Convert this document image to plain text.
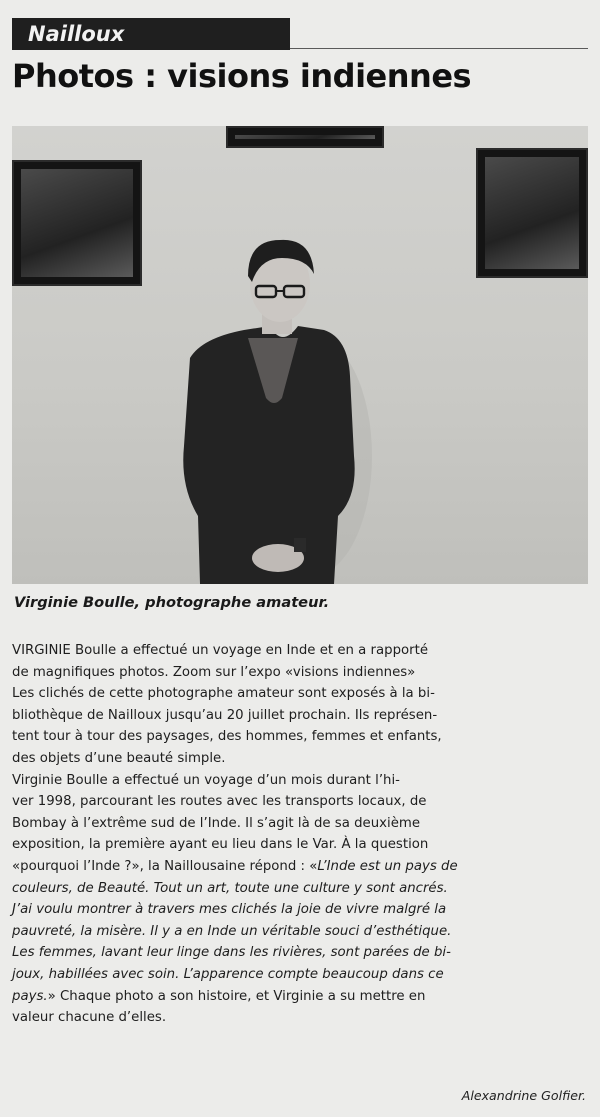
Nailloux
Photos : visions indiennes
Virginie Boulle, photographe amateur.
VIRGINIE Boulle a effectué un voyage en Inde et en a rapporté
de magnifiques photos. Zoom sur l’expo «visions indiennes»
Les clichés de cette photographe amateur sont exposés à la bi-
bliothèque de Nailloux jusqu’au 20 juillet prochain. Ils représen-
tent tour à tour des paysages, des hommes, femmes et enfants,
des objets d’une beauté simple.
Virginie Boulle a effectué un voyage d’un mois durant l’hi-
ver 1998, parcourant les routes avec les transports locaux, de
Bombay à l’extrême sud de l’Inde. Il s’agit là de sa deuxième
exposition, la première ayant eu lieu dans le Var. À la question
«pourquoi l’Inde ?», la Naillousaine répond : «L’Inde est un pays de
couleurs, de Beauté. Tout un art, toute une culture y sont ancrés.
J’ai voulu montrer à travers mes clichés la joie de vivre malgré la
pauvreté, la misère. Il y a en Inde un véritable souci d’esthétique.
Les femmes, lavant leur linge dans les rivières, sont parées de bi-
joux, habillées avec soin. L’apparence compte beaucoup dans ce
pays.» Chaque photo a son histoire, et Virginie a su mettre en
valeur chacune d’elles.
Alexandrine Golfier.
